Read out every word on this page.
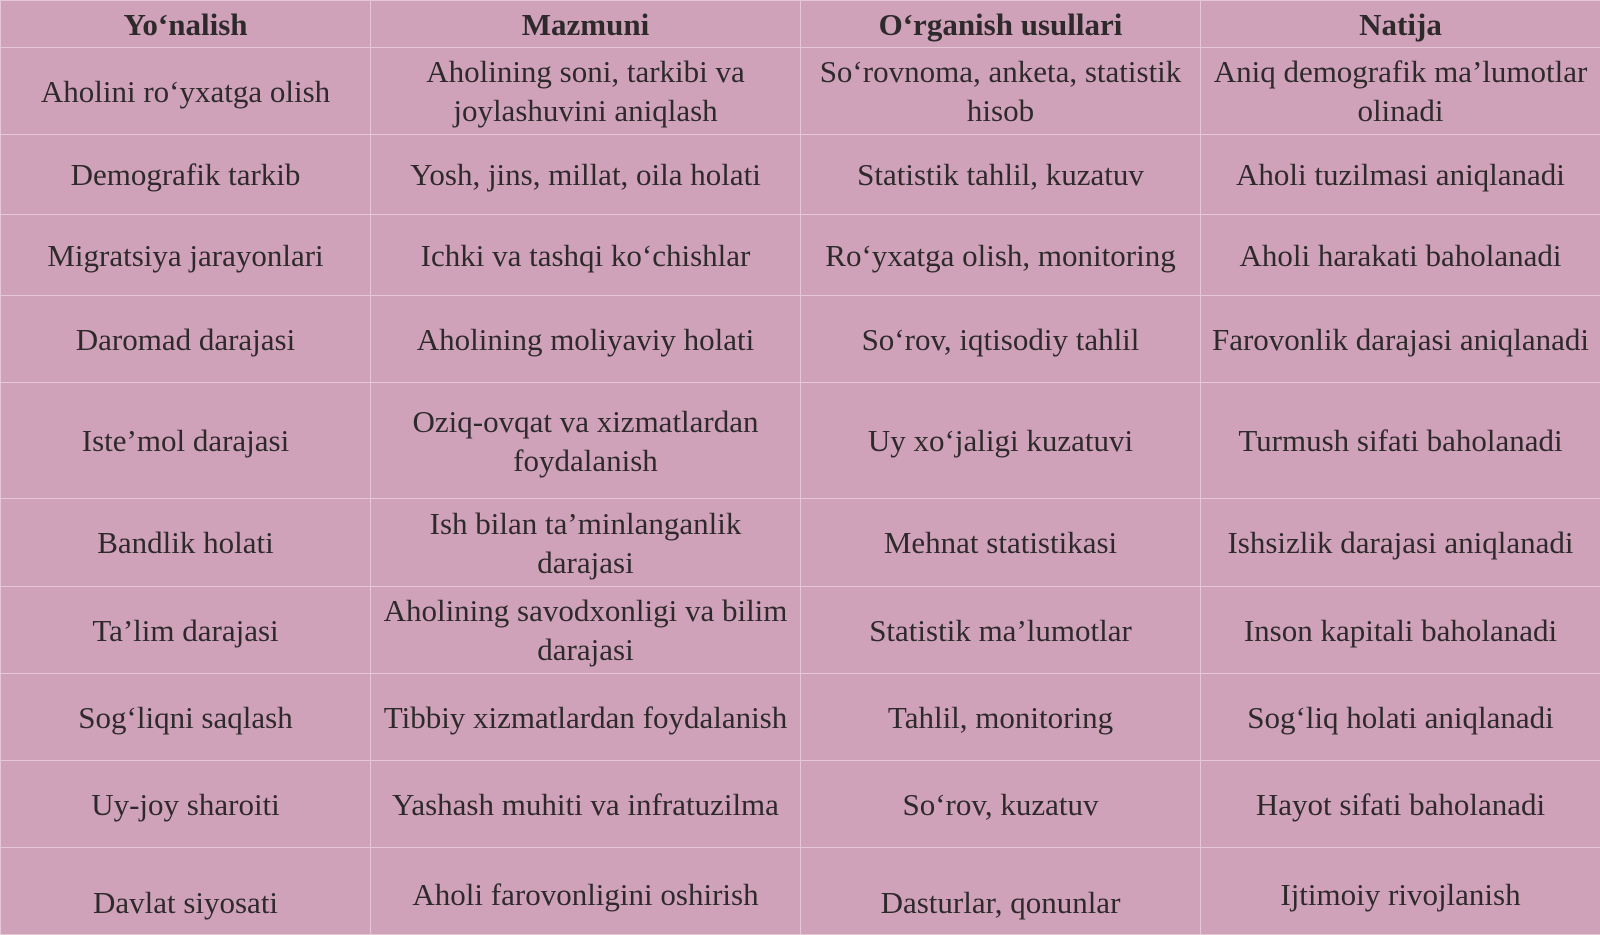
Yo‘nalish	Mazmuni	O‘rganish usullari	Natija
Aholini ro‘yxatga olish	Aholining soni, tarkibi va joylashuvini aniqlash	So‘rovnoma, anketa, statistik hisob	Aniq demografik ma’lumotlar olinadi
Demografik tarkib	Yosh, jins, millat, oila holati	Statistik tahlil, kuzatuv	Aholi tuzilmasi aniqlanadi
Migratsiya jarayonlari	Ichki va tashqi ko‘chishlar	Ro‘yxatga olish, monitoring	Aholi harakati baholanadi
Daromad darajasi	Aholining moliyaviy holati	So‘rov, iqtisodiy tahlil	Farovonlik darajasi aniqlanadi
Iste’mol darajasi	Oziq-ovqat va xizmatlardan foydalanish	Uy xo‘jaligi kuzatuvi	Turmush sifati baholanadi
Bandlik holati	Ish bilan ta’minlanganlik darajasi	Mehnat statistikasi	Ishsizlik darajasi aniqlanadi
Ta’lim darajasi	Aholining savodxonligi va bilim darajasi	Statistik ma’lumotlar	Inson kapitali baholanadi
Sog‘liqni saqlash	Tibbiy xizmatlardan foydalanish	Tahlil, monitoring	Sog‘liq holati aniqlanadi
Uy-joy sharoiti	Yashash muhiti va infratuzilma	So‘rov, kuzatuv	Hayot sifati baholanadi

Davlat siyosati	Aholi farovonligini oshirish	Dasturlar, qonunlar	Ijtimoiy rivojlanish
